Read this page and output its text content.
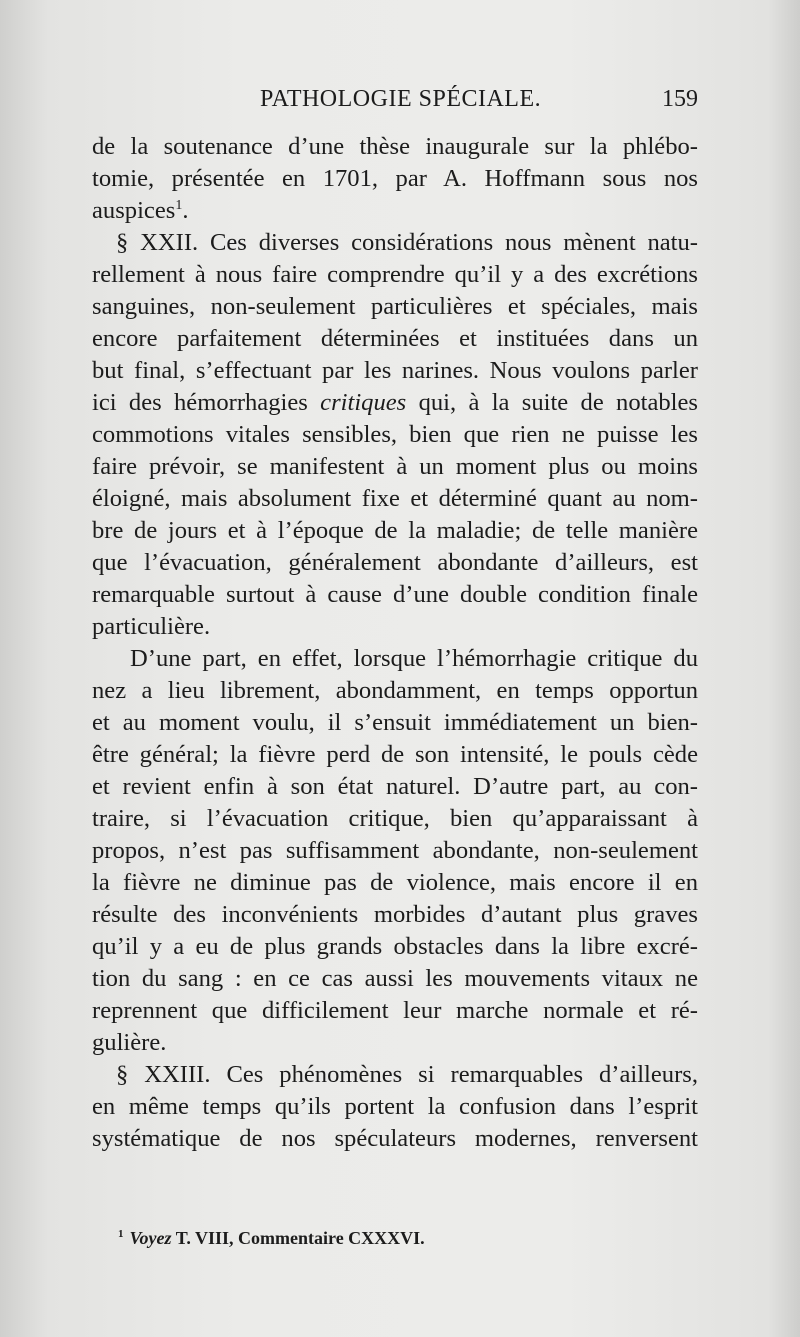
PATHOLOGIE SPÉCIALE.	159
de la soutenance d’une thèse inaugurale sur la phlébo-
tomie, présentée en 1701, par A. Hoffmann sous nos
auspices$^1$.
§ XXII. Ces diverses considérations nous mènent natu-
rellement à nous faire comprendre qu’il y a des excrétions
sanguines, non-seulement particulières et spéciales, mais
encore parfaitement déterminées et instituées dans un
but final, s’effectuant par les narines. Nous voulons parler
ici des hémorrhagies critiques qui, à la suite de notables
commotions vitales sensibles, bien que rien ne puisse les
faire prévoir, se manifestent à un moment plus ou moins
éloigné, mais absolument fixe et déterminé quant au nom-
bre de jours et à l’époque de la maladie; de telle manière
que l’évacuation, généralement abondante d’ailleurs, est
remarquable surtout à cause d’une double condition finale
particulière.
D’une part, en effet, lorsque l’hémorrhagie critique du
nez a lieu librement, abondamment, en temps opportun
et au moment voulu, il s’ensuit immédiatement un bien-
être général; la fièvre perd de son intensité, le pouls cède
et revient enfin à son état naturel. D’autre part, au con-
traire, si l’évacuation critique, bien qu’apparaissant à
propos, n’est pas suffisamment abondante, non-seulement
la fièvre ne diminue pas de violence, mais encore il en
résulte des inconvénients morbides d’autant plus graves
qu’il y a eu de plus grands obstacles dans la libre excré-
tion du sang : en ce cas aussi les mouvements vitaux ne
reprennent que difficilement leur marche normale et ré-
gulière.
§ XXIII. Ces phénomènes si remarquables d’ailleurs,
en même temps qu’ils portent la confusion dans l’esprit
systématique de nos spéculateurs modernes, renversent
$^1$ Voyez T. VIII, Commentaire CXXXVI.
